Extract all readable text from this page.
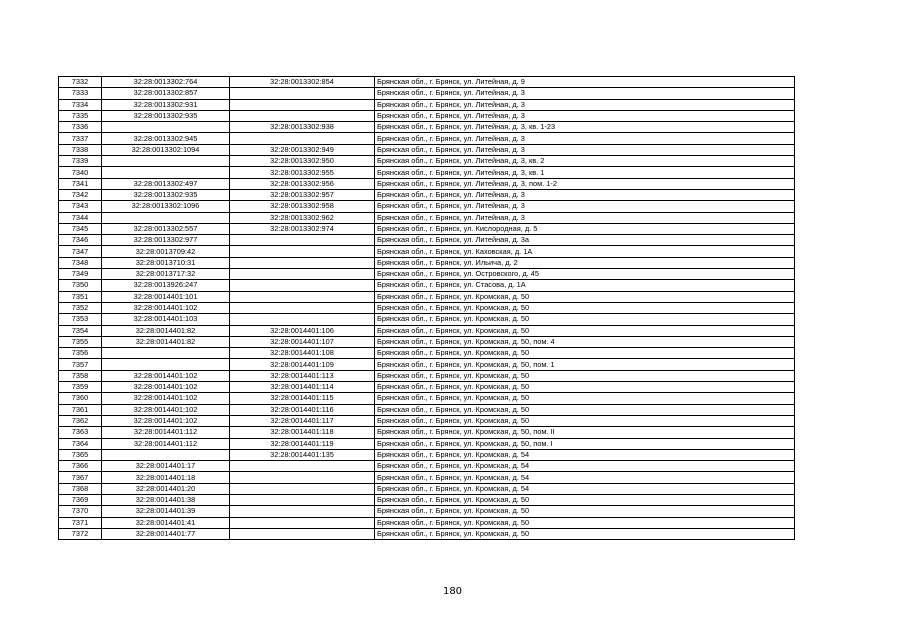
7332	32:28:0013302:764	32:28:0013302:854	Брянская обл., г. Брянск, ул. Литейная, д. 9
7333	32:28:0013302:857		Брянская обл., г. Брянск, ул. Литейная, д. 3
7334	32:28:0013302:931		Брянская обл., г. Брянск, ул. Литейная, д. 3
7335	32:28:0013302:935		Брянская обл., г. Брянск, ул. Литейная, д. 3
7336		32:28:0013302:938	Брянская обл., г. Брянск, ул. Литейная, д. 3, кв. 1-23
7337	32:28:0013302:945		Брянская обл., г. Брянск, ул. Литейная, д. 3
7338	32:28:0013302:1094	32:28:0013302:949	Брянская обл., г. Брянск, ул. Литейная, д. 3
7339		32:28:0013302:950	Брянская обл., г. Брянск, ул. Литейная, д. 3, кв. 2
7340		32:28:0013302:955	Брянская обл., г. Брянск, ул. Литейная, д. 3, кв. 1
7341	32:28:0013302:497	32:28:0013302:956	Брянская обл., г. Брянск, ул. Литейная, д. 3, пом. 1-2
7342	32:28:0013302:935	32:28:0013302:957	Брянская обл., г. Брянск, ул. Литейная, д. 3
7343	32:28:0013302:1096	32:28:0013302:958	Брянская обл., г. Брянск, ул. Литейная, д. 3
7344		32:28:0013302:962	Брянская обл., г. Брянск, ул. Литейная, д. 3
7345	32:28:0013302:557	32:28:0013302:974	Брянская обл., г. Брянск, ул. Кислородная, д. 5
7346	32:28:0013302:977		Брянская обл., г. Брянск, ул. Литейная, д. 3а
7347	32:28:0013709:42		Брянская обл., г. Брянск, ул. Каховская, д. 1А
7348	32:28:0013710:31		Брянская обл., г. Брянск, ул. Ильича, д. 2
7349	32:28:0013717:32		Брянская обл., г. Брянск, ул. Островского, д. 45
7350	32:28:0013926:247		Брянская обл., г. Брянск, ул. Стасова, д. 1А
7351	32:28:0014401:101		Брянская обл., г. Брянск, ул. Кромская, д. 50
7352	32:28:0014401:102		Брянская обл., г. Брянск, ул. Кромская, д. 50
7353	32:28:0014401:103		Брянская обл., г. Брянск, ул. Кромская, д. 50
7354	32:28:0014401:82	32:28:0014401:106	Брянская обл., г. Брянск, ул. Кромская, д. 50
7355	32:28:0014401:82	32:28:0014401:107	Брянская обл., г. Брянск, ул. Кромская, д. 50, пом. 4
7356		32:28:0014401:108	Брянская обл., г. Брянск, ул. Кромская, д. 50
7357		32:28:0014401:109	Брянская обл., г. Брянск, ул. Кромская, д. 50, пом. 1
7358	32:28:0014401:102	32:28:0014401:113	Брянская обл., г. Брянск, ул. Кромская, д. 50
7359	32:28:0014401:102	32:28:0014401:114	Брянская обл., г. Брянск, ул. Кромская, д. 50
7360	32:28:0014401:102	32:28:0014401:115	Брянская обл., г. Брянск, ул. Кромская, д. 50
7361	32:28:0014401:102	32:28:0014401:116	Брянская обл., г. Брянск, ул. Кромская, д. 50
7362	32:28:0014401:102	32:28:0014401:117	Брянская обл., г. Брянск, ул. Кромская, д. 50
7363	32:28:0014401:112	32:28:0014401:118	Брянская обл., г. Брянск, ул. Кромская, д. 50, пом. II
7364	32:28:0014401:112	32:28:0014401:119	Брянская обл., г. Брянск, ул. Кромская, д. 50, пом. I
7365		32:28:0014401:135	Брянская обл., г. Брянск, ул. Кромская, д. 54
7366	32:28:0014401:17		Брянская обл., г. Брянск, ул. Кромская, д. 54
7367	32:28:0014401:18		Брянская обл., г. Брянск, ул. Кромская, д. 54
7368	32:28:0014401:20		Брянская обл., г. Брянск, ул. Кромская, д. 54
7369	32:28:0014401:38		Брянская обл., г. Брянск, ул. Кромская, д. 50
7370	32:28:0014401:39		Брянская обл., г. Брянск, ул. Кромская, д. 50
7371	32:28:0014401:41		Брянская обл., г. Брянск, ул. Кромская, д. 50
7372	32:28:0014401:77		Брянская обл., г. Брянск, ул. Кромская, д. 50
180
